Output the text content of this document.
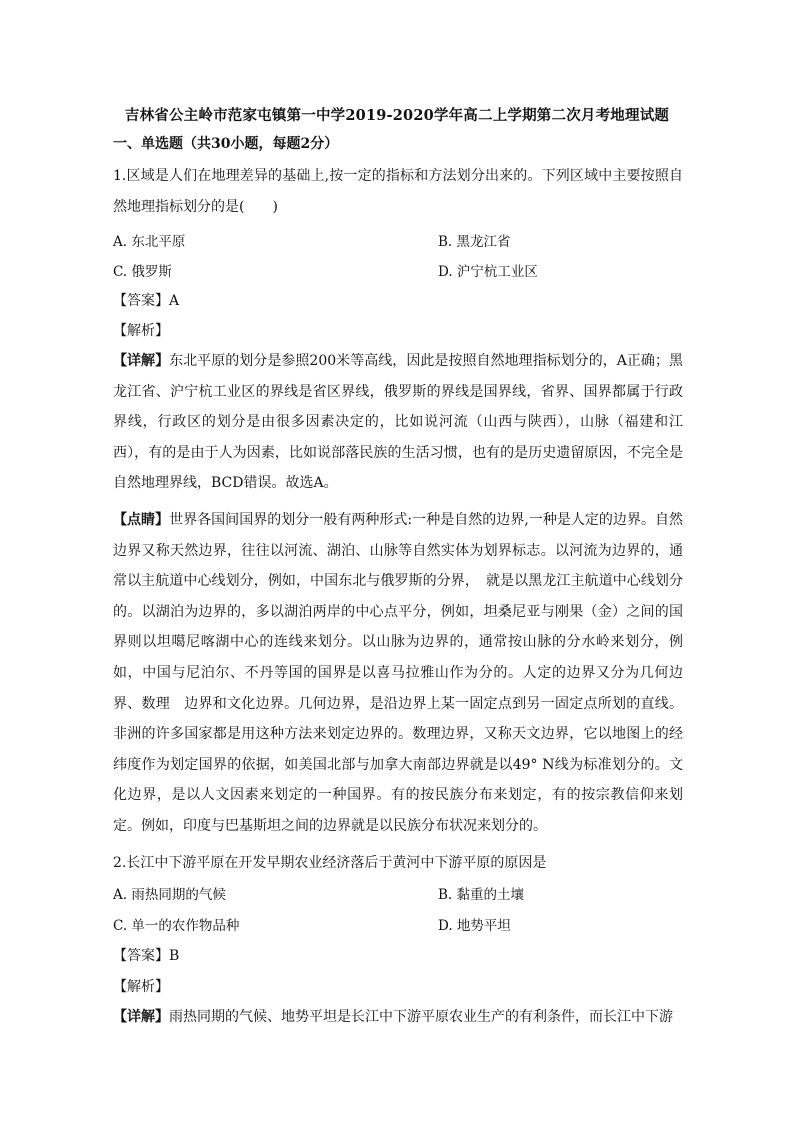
吉林省公主岭市范家屯镇第一中学2019-2020学年高二上学期第二次月考地理试题
一、单选题（共30小题，每题2分）
1.区域是人们在地理差异的基础上,按一定的指标和方法划分出来的。下列区域中主要按照自然地理指标划分的是(　　)
A. 东北平原	B. 黑龙江省
C. 俄罗斯	D. 沪宁杭工业区
【答案】A
【解析】
【详解】东北平原的划分是参照200米等高线，因此是按照自然地理指标划分的，A正确；黑龙江省、沪宁杭工业区的界线是省区界线，俄罗斯的界线是国界线，省界、国界都属于行政界线，行政区的划分是由很多因素决定的，比如说河流（山西与陕西），山脉（福建和江西），有的是由于人为因素，比如说部落民族的生活习惯，也有的是历史遗留原因，不完全是自然地理界线，BCD错误。故选A。
【点睛】世界各国间国界的划分一般有两种形式:一种是自然的边界,一种是人定的边界。自然边界又称天然边界，往往以河流、湖泊、山脉等自然实体为划界标志。以河流为边界的，通常以主航道中心线划分，例如，中国东北与俄罗斯的分界，　就是以黑龙江主航道中心线划分的。以湖泊为边界的，多以湖泊两岸的中心点平分，例如，坦桑尼亚与刚果（金）之间的国界则以坦噶尼喀湖中心的连线来划分。以山脉为边界的，通常按山脉的分水岭来划分，例如，中国与尼泊尔、不丹等国的国界是以喜马拉雅山作为分的。人定的边界又分为几何边界、数理　边界和文化边界。几何边界，是沿边界上某一固定点到另一固定点所划的直线。非洲的许多国家都是用这种方法来划定边界的。数理边界，又称天文边界，它以地图上的经纬度作为划定国界的依据，如美国北部与加拿大南部边界就是以49° N线为标准划分的。文化边界，是以人文因素来划定的一种国界。有的按民族分布来划定，有的按宗教信仰来划定。例如，印度与巴基斯坦之间的边界就是以民族分布状况来划分的。
2.长江中下游平原在开发早期农业经济落后于黄河中下游平原的原因是
A. 雨热同期的气候	B. 黏重的土壤
C. 单一的农作物品种	D. 地势平坦
【答案】B
【解析】
【详解】雨热同期的气候、地势平坦是长江中下游平原农业生产的有利条件，而长江中下游
